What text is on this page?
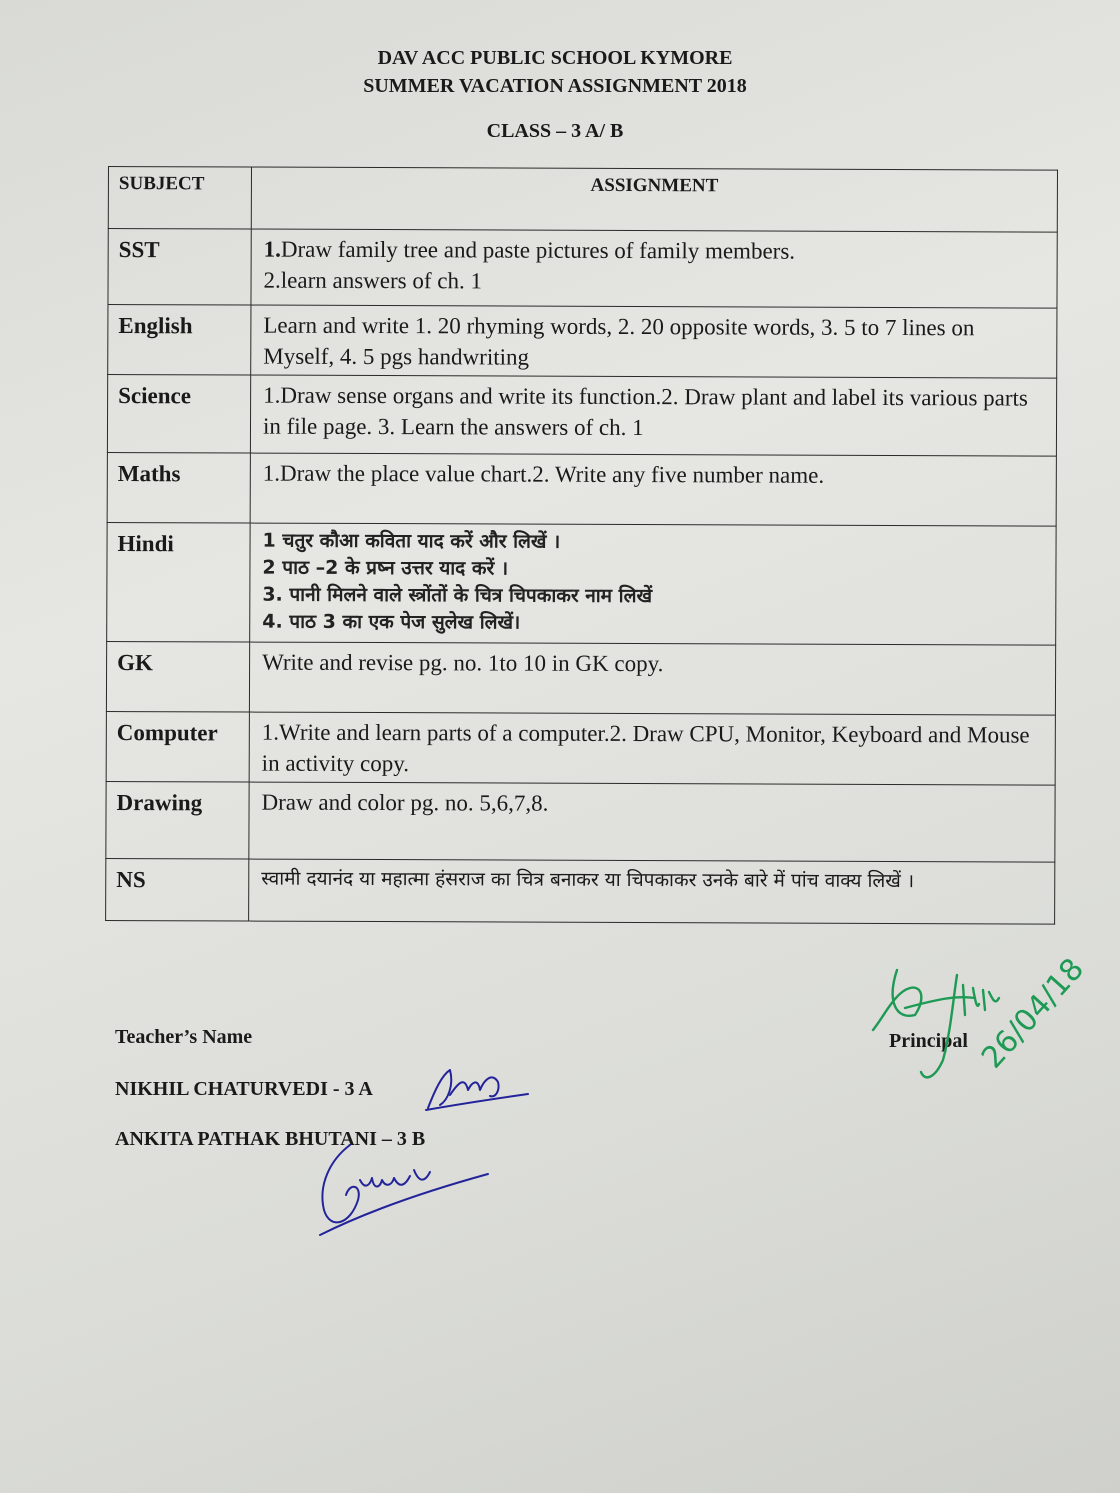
DAV ACC PUBLIC SCHOOL KYMORE
SUMMER VACATION ASSIGNMENT 2018
CLASS – 3 A/ B
SUBJECT	ASSIGNMENT
SST	1.Draw family tree and paste pictures of family members.
2.learn answers of ch. 1

English	Learn and write 1. 20 rhyming words, 2. 20 opposite words, 3. 5 to 7 lines on Myself, 4. 5 pgs handwriting
Science	1.Draw sense organs and write its function.2. Draw plant and label its various parts in file page. 3. Learn the answers of ch. 1
Maths	1.Draw the place value chart.2. Write any five number name.
Hindi	1 चतुर कौआ कविता याद करें और लिखें ।
2 पाठ –2 के प्रष्न उत्तर याद करें ।
3. पानी मिलने वाले स्त्रोंतों के चित्र चिपकाकर नाम लिखें
4. पाठ 3 का एक पेज सुलेख लिखें।

GK	Write and revise pg. no. 1to 10 in GK copy.
Computer	1.Write and learn parts of a computer.2. Draw CPU, Monitor, Keyboard and Mouse in activity copy.
Drawing	Draw and color pg. no. 5,6,7,8.
NS	स्वामी दयानंद या महात्मा हंसराज का चित्र बनाकर या चिपकाकर उनके बारे में पांच वाक्य लिखें ।
Teacher’s Name
NIKHIL CHATURVEDI - 3 A
ANKITA PATHAK BHUTANI – 3 B
Principal 26/04/18
